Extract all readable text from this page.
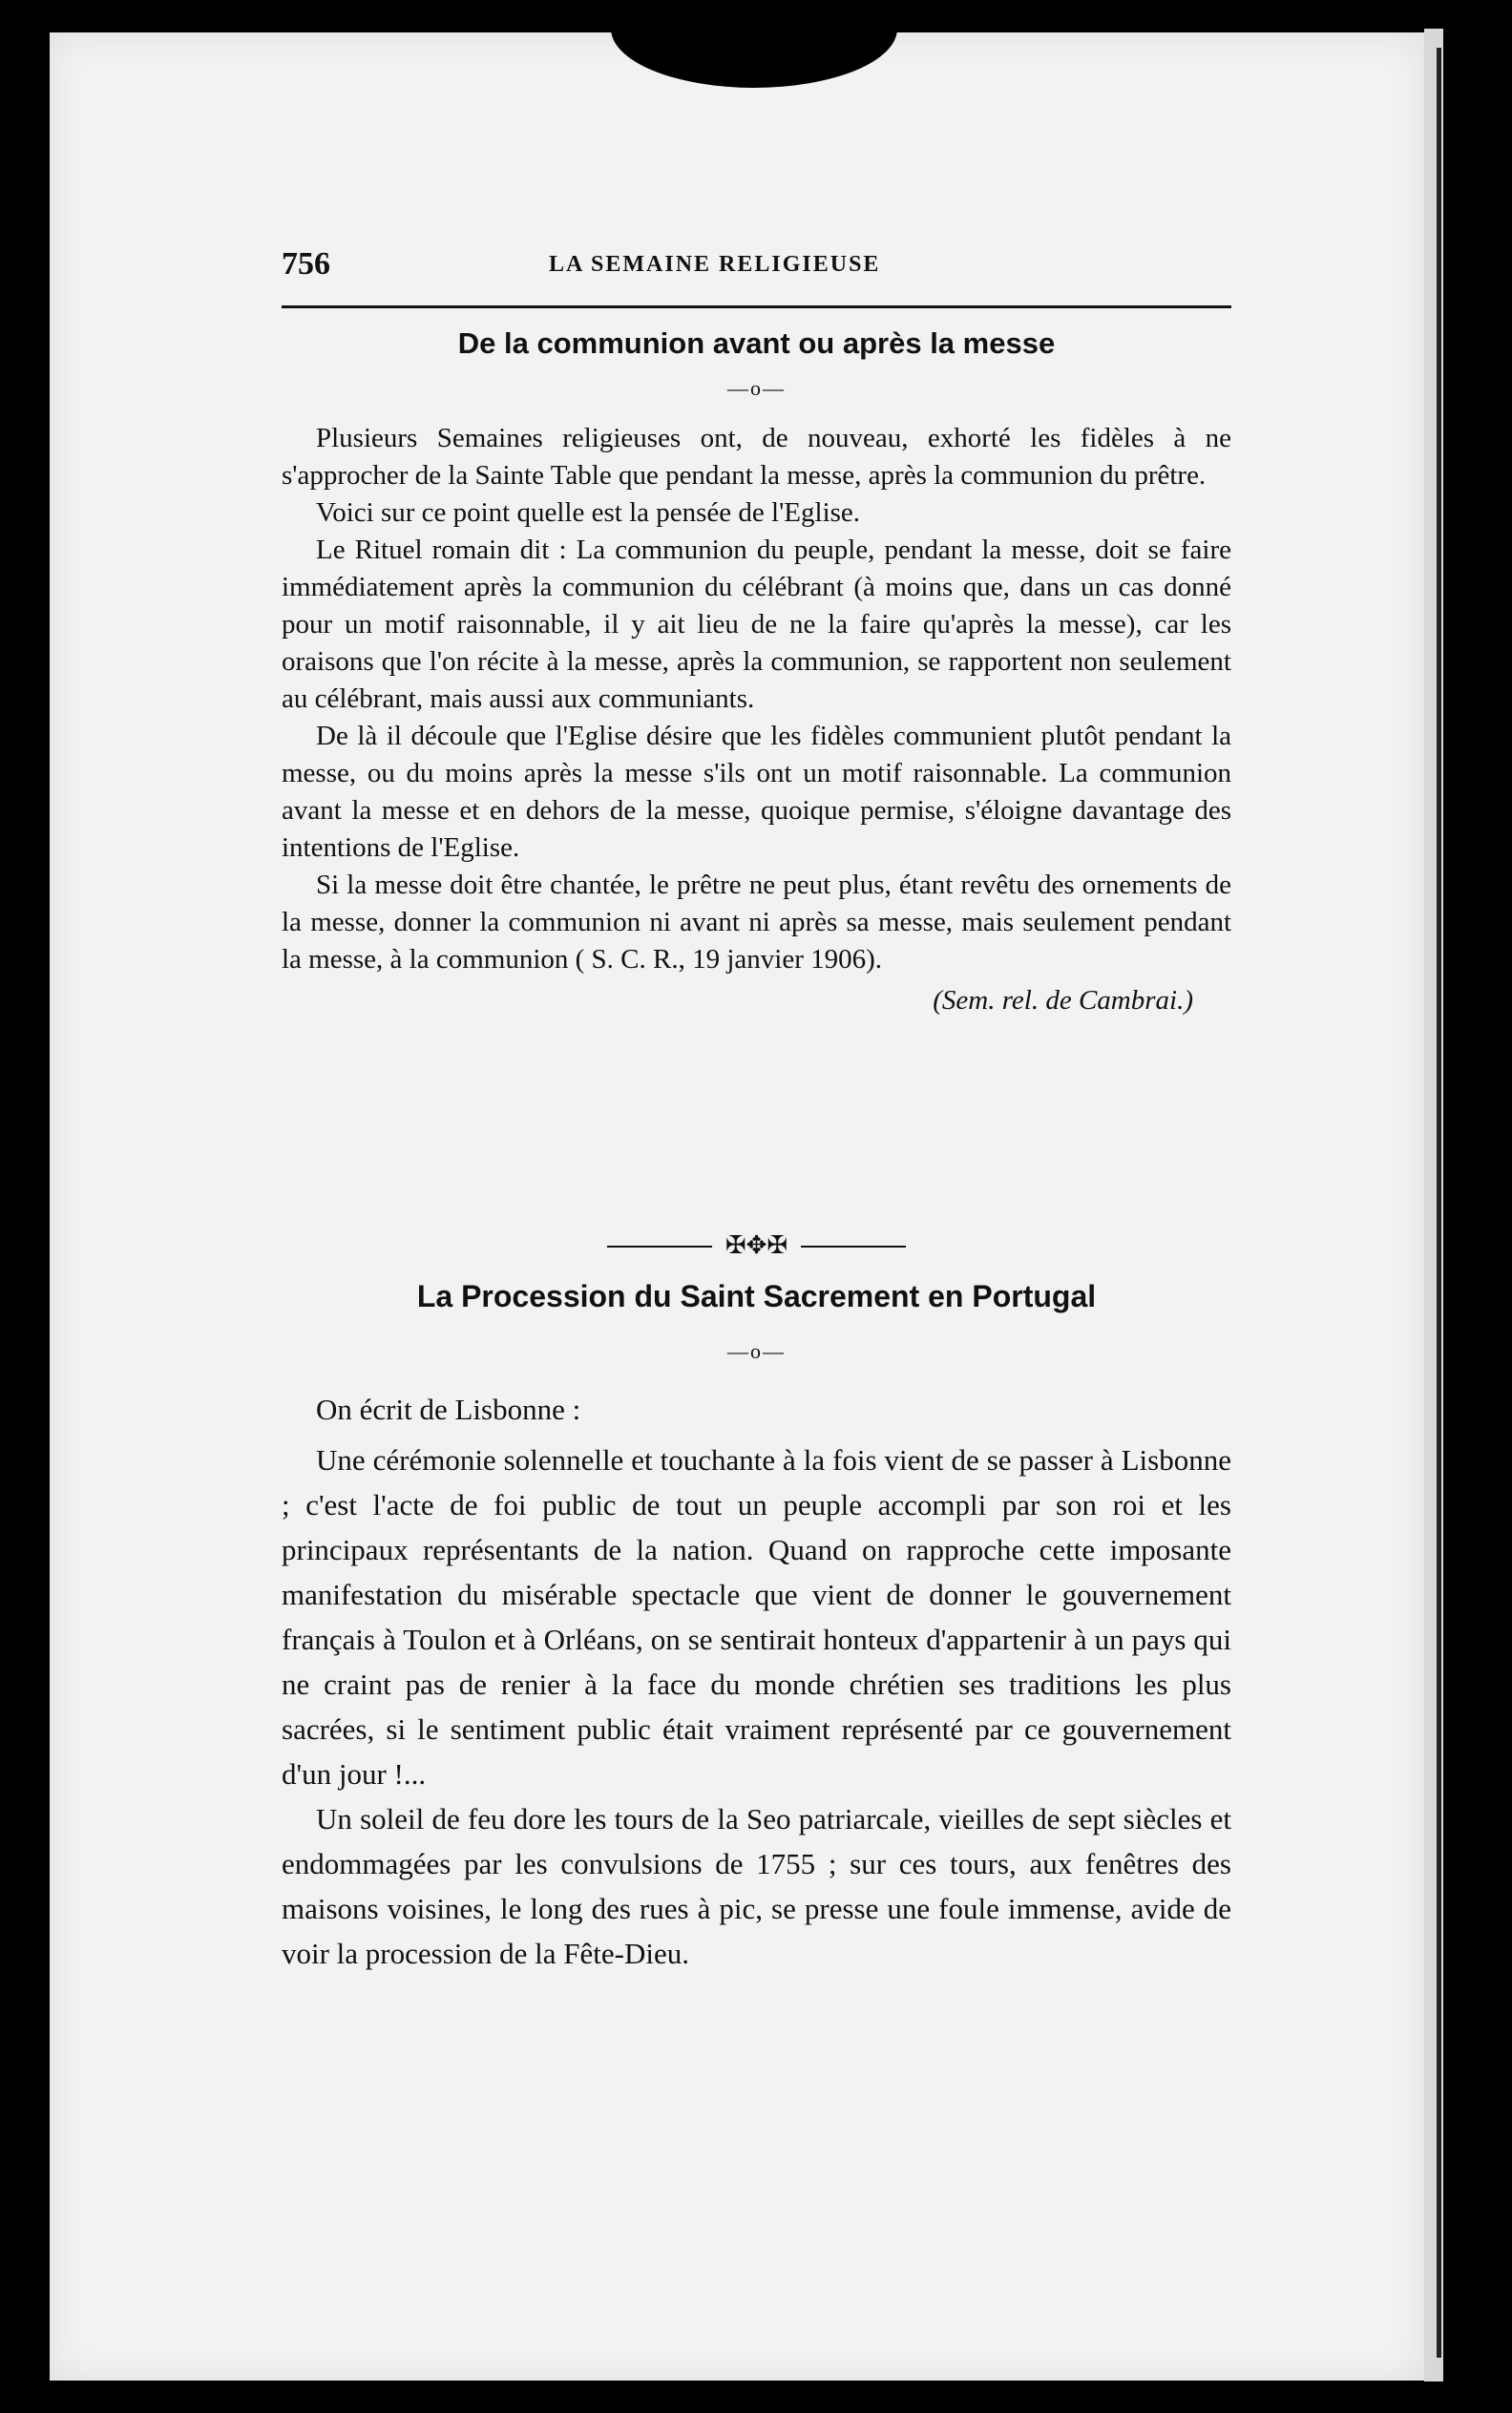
756	LA SEMAINE RELIGIEUSE
De la communion avant ou après la messe
—o—

Plusieurs Semaines religieuses ont, de nouveau, exhorté les fidèles à ne s'approcher de la Sainte Table que pendant la messe, après la communion du prêtre.

Voici sur ce point quelle est la pensée de l'Eglise.

Le Rituel romain dit : La communion du peuple, pendant la messe, doit se faire immédiatement après la communion du célébrant (à moins que, dans un cas donné pour un motif raisonnable, il y ait lieu de ne la faire qu'après la messe), car les oraisons que l'on récite à la messe, après la communion, se rapportent non seulement au célébrant, mais aussi aux communiants.

De là il découle que l'Eglise désire que les fidèles communient plutôt pendant la messe, ou du moins après la messe s'ils ont un motif raisonnable. La communion avant la messe et en dehors de la messe, quoique permise, s'éloigne davantage des intentions de l'Eglise.

Si la messe doit être chantée, le prêtre ne peut plus, étant revêtu des ornements de la messe, donner la communion ni avant ni après sa messe, mais seulement pendant la messe, à la communion ( S. C. R., 19 janvier 1906).

(Sem. rel. de Cambrai.)
✠✥✠
La Procession du Saint Sacrement en Portugal
—o—

On écrit de Lisbonne :

Une cérémonie solennelle et touchante à la fois vient de se passer à Lisbonne ; c'est l'acte de foi public de tout un peuple accompli par son roi et les principaux représentants de la nation. Quand on rapproche cette imposante manifestation du misérable spectacle que vient de donner le gouvernement français à Toulon et à Orléans, on se sentirait honteux d'appartenir à un pays qui ne craint pas de renier à la face du monde chrétien ses traditions les plus sacrées, si le sentiment public était vraiment représenté par ce gouvernement d'un jour !...

Un soleil de feu dore les tours de la Seo patriarcale, vieilles de sept siècles et endommagées par les convulsions de 1755 ; sur ces tours, aux fenêtres des maisons voisines, le long des rues à pic, se presse une foule immense, avide de voir la procession de la Fête-Dieu.
